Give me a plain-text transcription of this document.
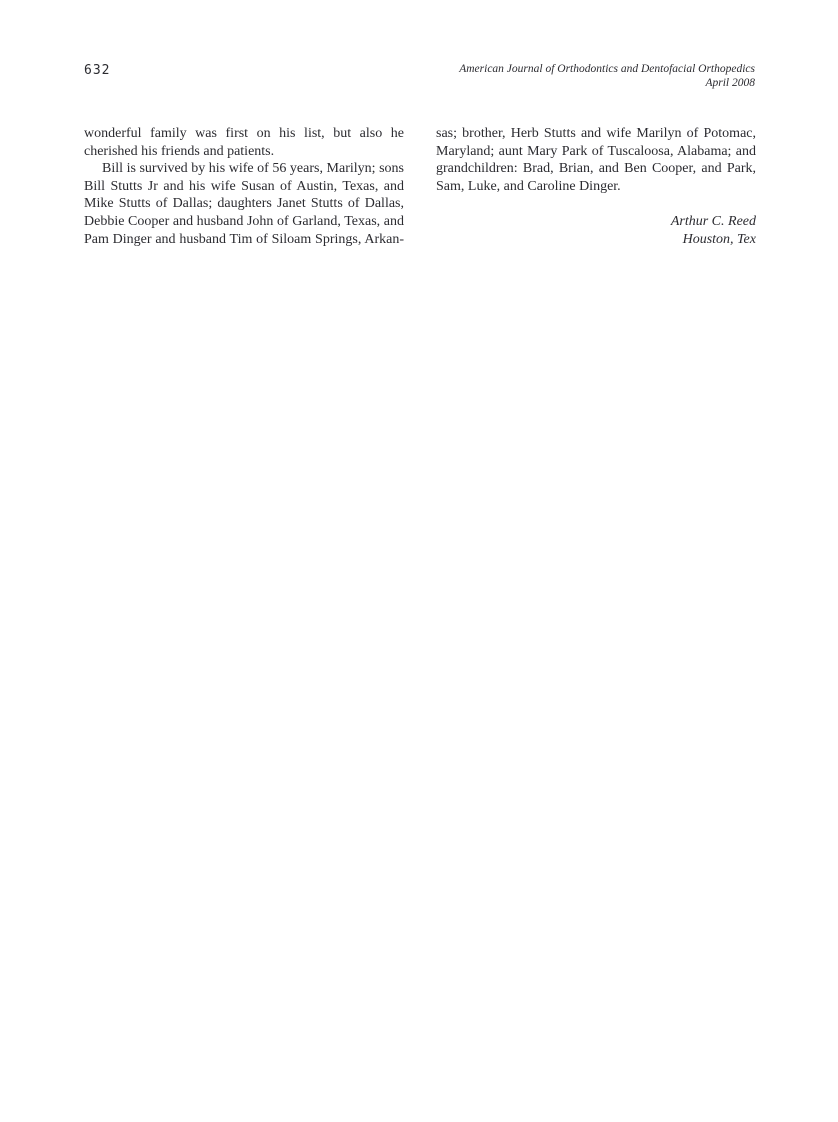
632	American Journal of Orthodontics and Dentofacial Orthopedics
April 2008
wonderful family was first on his list, but also he
cherished his friends and patients.
Bill is survived by his wife of 56 years, Marilyn; sons
Bill Stutts Jr and his wife Susan of Austin, Texas, and
Mike Stutts of Dallas; daughters Janet Stutts of Dallas,
Debbie Cooper and husband John of Garland, Texas, and
Pam Dinger and husband Tim of Siloam Springs, Arkan-
sas; brother, Herb Stutts and wife Marilyn of Potomac,
Maryland; aunt Mary Park of Tuscaloosa, Alabama; and
grandchildren: Brad, Brian, and Ben Cooper, and Park,
Sam, Luke, and Caroline Dinger.
Arthur C. Reed
Houston, Tex
